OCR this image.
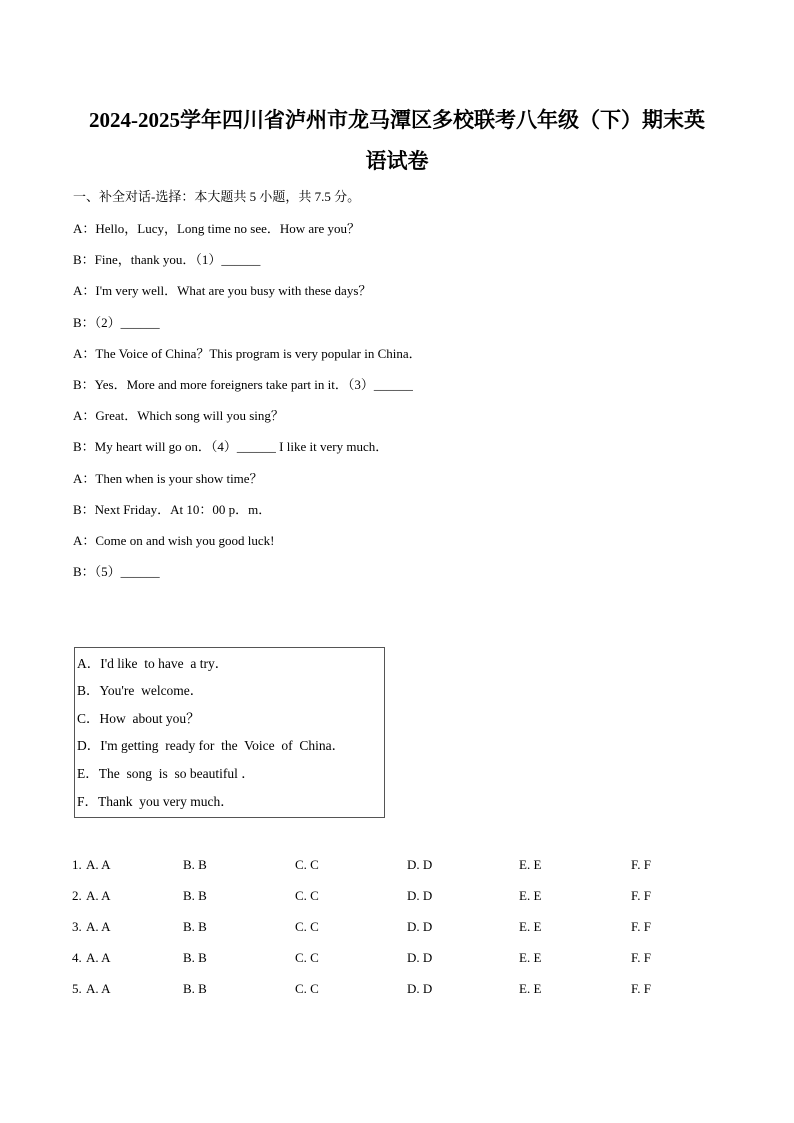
2024-2025学年四川省泸州市龙马潭区多校联考八年级（下）期末英
语试卷
一、补全对话-选择：本大题共 5 小题，共 7.5 分。
A：Hello，Lucy，Long time no see．How are you？
B：Fine，thank you．（1）______
A：I'm very well．What are you busy with these days？
B：（2）______
A：The Voice of China？This program is very popular in China．
B：Yes．More and more foreigners take part in it．（3）______
A：Great．Which song will you sing？
B：My heart will go on．（4）______ I like it very much．
A：Then when is your show time？
B：Next Friday．At 10：00 p．m．
A：Come on and wish you good luck!
B：（5）______
A．I'd like  to have  a try．
B．You're  welcome．
C．How  about you？
D．I'm getting  ready for  the  Voice  of  China．
E．The  song  is  so beautiful ．
F．Thank  you very much．
1. A. A	B. B	C. C	D. D	E. E	F. F
2. A. A	B. B	C. C	D. D	E. E	F. F
3. A. A	B. B	C. C	D. D	E. E	F. F
4. A. A	B. B	C. C	D. D	E. E	F. F
5. A. A	B. B	C. C	D. D	E. E	F. F
